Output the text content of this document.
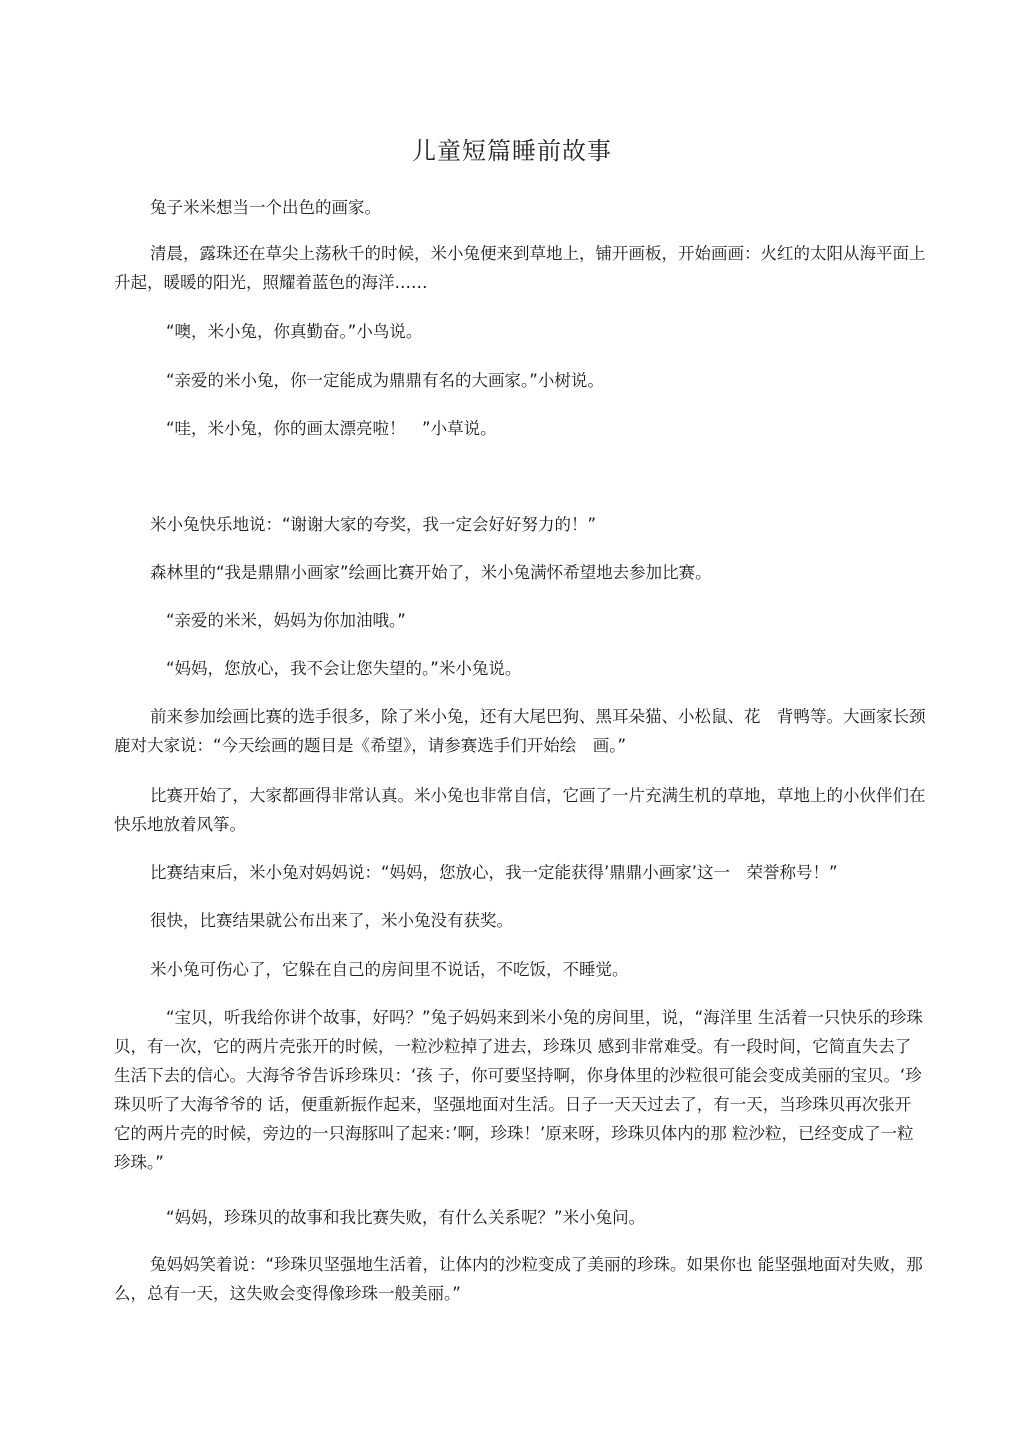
儿童短篇睡前故事

兔子米米想当一个出色的画家。

清晨，露珠还在草尖上荡秋千的时候，米小兔便来到草地上，铺开画板，开始画画：火红的太阳从海平面上升起，暖暖的阳光，照耀着蓝色的海洋……

“噢，米小兔，你真勤奋。”小鸟说。

“亲爱的米小兔，你一定能成为鼎鼎有名的大画家。”小树说。

“哇，米小兔，你的画太漂亮啦！　”小草说。

米小兔快乐地说：“谢谢大家的夸奖，我一定会好好努力的！”

森林里的“我是鼎鼎小画家”绘画比赛开始了，米小兔满怀希望地去参加比赛。

“亲爱的米米，妈妈为你加油哦。”

“妈妈，您放心，我不会让您失望的。”米小兔说。

前来参加绘画比赛的选手很多，除了米小兔，还有大尾巴狗、黑耳朵猫、小松鼠、花　背鸭等。大画家长颈鹿对大家说：“今天绘画的题目是《希望》，请参赛选手们开始绘　画。”

比赛开始了，大家都画得非常认真。米小兔也非常自信，它画了一片充满生机的草地，草地上的小伙伴们在快乐地放着风筝。

比赛结束后，米小兔对妈妈说：“妈妈，您放心，我一定能获得’鼎鼎小画家’这一　荣誉称号！”

很快，比赛结果就公布出来了，米小兔没有获奖。

米小兔可伤心了，它躲在自己的房间里不说话，不吃饭，不睡觉。

“宝贝，听我给你讲个故事，好吗？”兔子妈妈来到米小兔的房间里，说，“海洋里 生活着一只快乐的珍珠贝，有一次，它的两片壳张开的时候，一粒沙粒掉了进去，珍珠贝 感到非常难受。有一段时间，它简直失去了生活下去的信心。大海爷爷告诉珍珠贝：‘孩 子，你可要坚持啊，你身体里的沙粒很可能会变成美丽的宝贝。‘珍珠贝听了大海爷爷的 话，便重新振作起来，坚强地面对生活。日子一天天过去了，有一天，当珍珠贝再次张开 它的两片壳的时候，旁边的一只海豚叫了起来：’啊，珍珠！’原来呀，珍珠贝体内的那 粒沙粒，已经变成了一粒珍珠。”

“妈妈，珍珠贝的故事和我比赛失败，有什么关系呢？”米小兔问。

兔妈妈笑着说：“珍珠贝坚强地生活着，让体内的沙粒变成了美丽的珍珠。如果你也 能坚强地面对失败，那么，总有一天，这失败会变得像珍珠一般美丽。”
